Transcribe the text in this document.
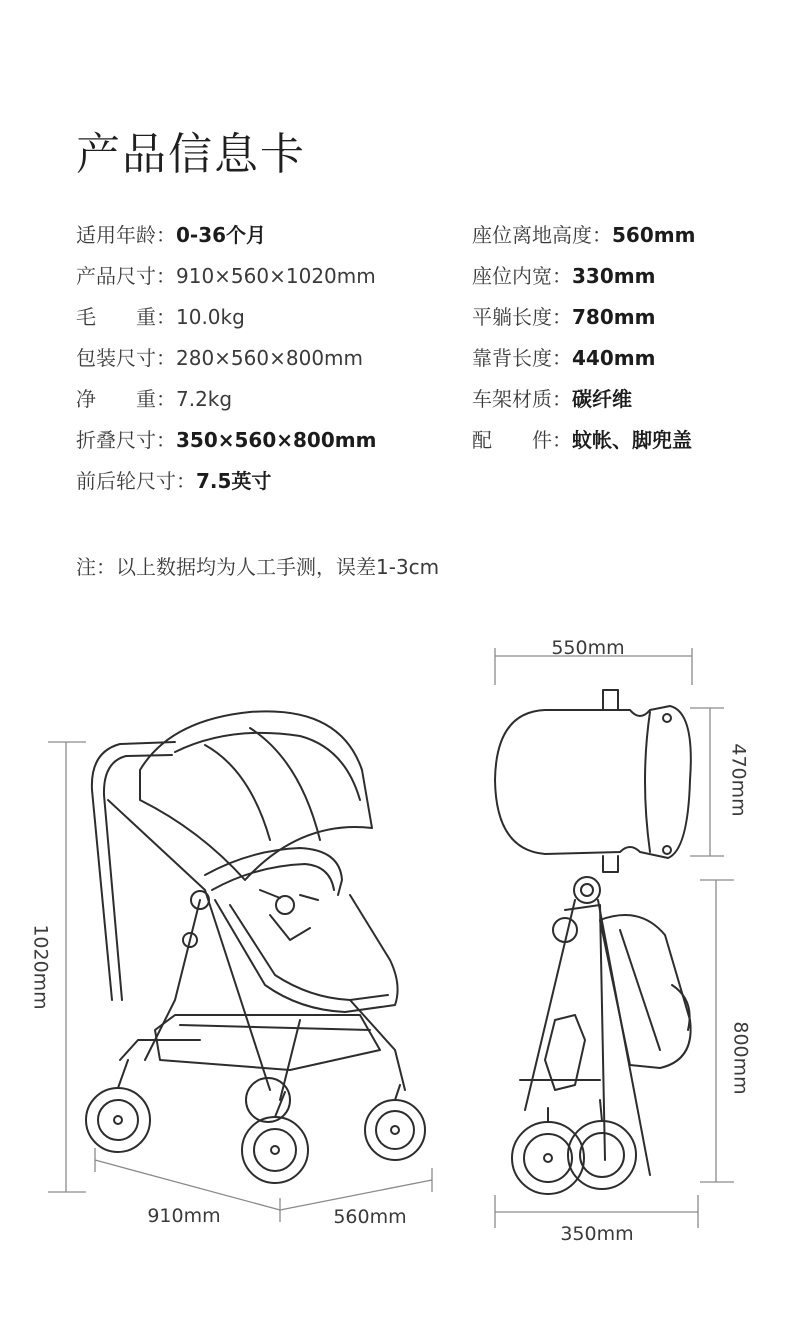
产品信息卡
适用年龄：0-36个月
产品尺寸：910×560×1020mm
毛　　重：10.0kg
包装尺寸：280×560×800mm
净　　重：7.2kg
折叠尺寸：350×560×800mm
前后轮尺寸：7.5英寸
座位离地高度：560mm
座位内宽：330mm
平躺长度：780mm
靠背长度：440mm
车架材质：碳纤维
配　　件：蚊帐、脚兜盖
注：以上数据均为人工手测，误差1-3cm
1020mm
910mm	560mm
550mm
470mm
800mm
350mm
